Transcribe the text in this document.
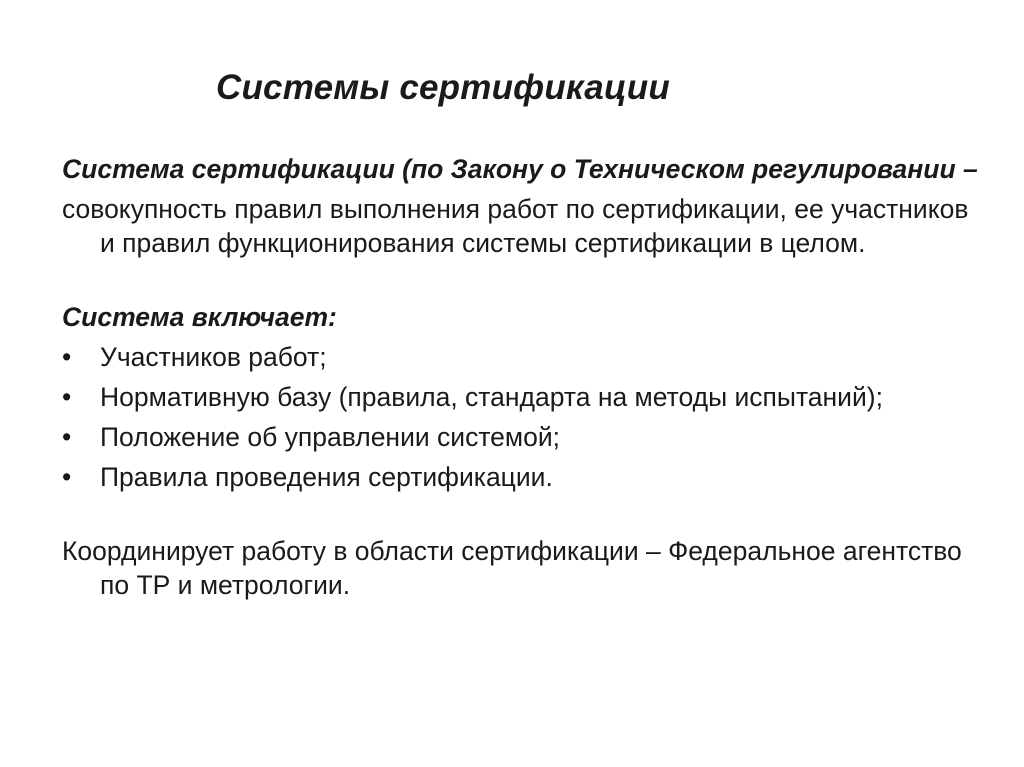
Системы сертификации

Система сертификации (по Закону о Техническом регулировании –

совокупность правил выполнения работ по сертификации, ее участников и правил функционирования системы сертификации в целом.

Система включает:

•	Участников работ;
•	Нормативную базу (правила, стандарта на методы испытаний);
•	Положение об управлении системой;
•	Правила проведения сертификации.

Координирует работу в области сертификации – Федеральное агентство по ТР и метрологии.
